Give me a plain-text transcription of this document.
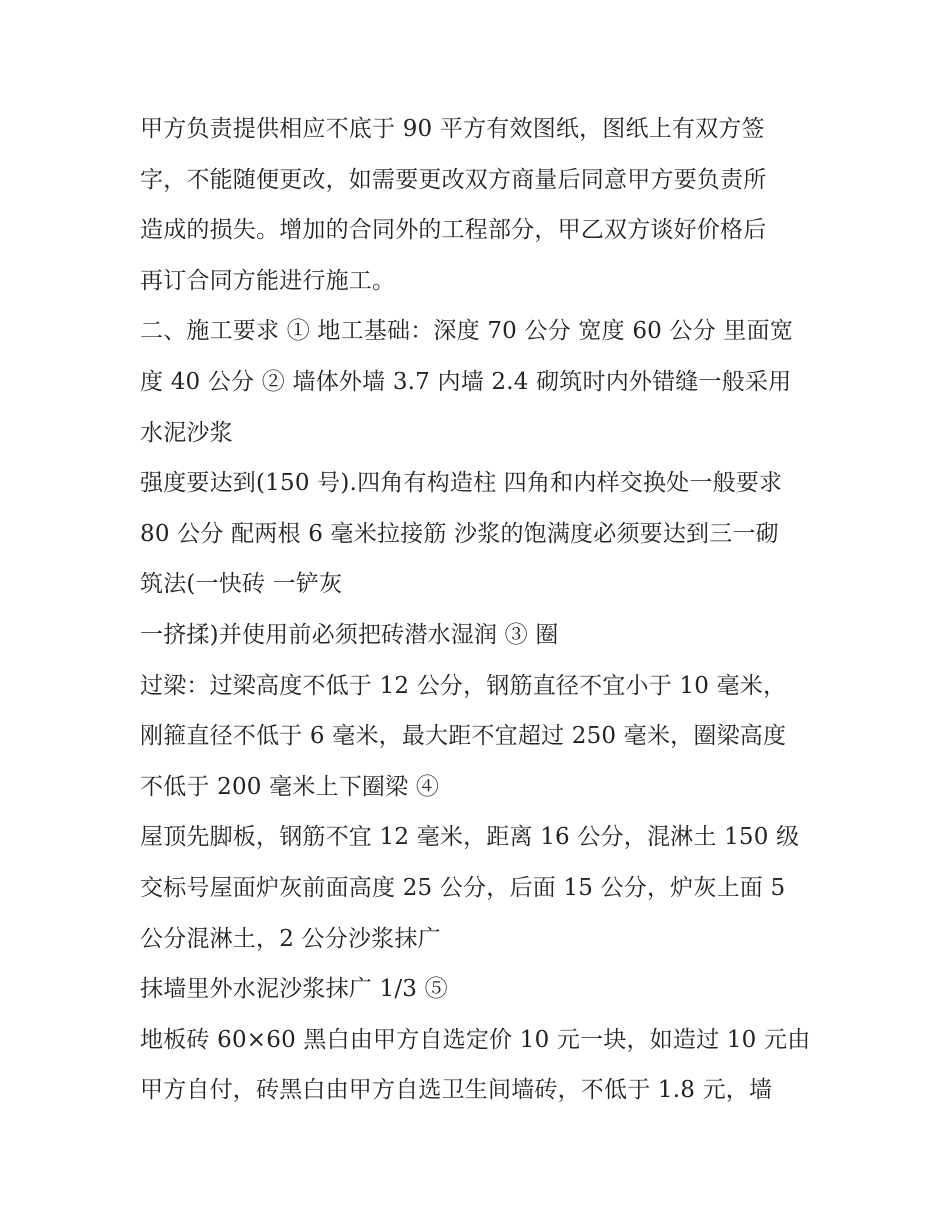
甲方负责提供相应不底于 90 平方有效图纸，图纸上有双方签
字，不能随便更改，如需要更改双方商量后同意甲方要负责所
造成的损失。增加的合同外的工程部分，甲乙双方谈好价格后
再订合同方能进行施工。
二、施工要求 ① 地工基础：深度 70 公分 宽度 60 公分 里面宽
度 40 公分 ② 墙体外墙 3.7 内墙 2.4 砌筑时内外错缝一般采用
水泥沙浆
强度要达到(150 号).四角有构造柱 四角和内样交换处一般要求
80 公分 配两根 6 毫米拉接筋 沙浆的饱满度必须要达到三一砌
筑法(一快砖 一铲灰
一挤揉)并使用前必须把砖潜水湿润 ③ 圈
过梁：过梁高度不低于 12 公分，钢筋直径不宜小于 10 毫米，
刚箍直径不低于 6 毫米，最大距不宜超过 250 毫米，圈梁高度
不低于 200 毫米上下圈梁 ④
屋顶先脚板，钢筋不宜 12 毫米，距离 16 公分，混淋土 150 级
交标号屋面炉灰前面高度 25 公分，后面 15 公分，炉灰上面 5
公分混淋土，2 公分沙浆抹广
抹墙里外水泥沙浆抹广 1/3 ⑤
地板砖 60×60 黑白由甲方自选定价 10 元一块，如造过 10 元由
甲方自付，砖黑白由甲方自选卫生间墙砖，不低于 1.8 元，墙
